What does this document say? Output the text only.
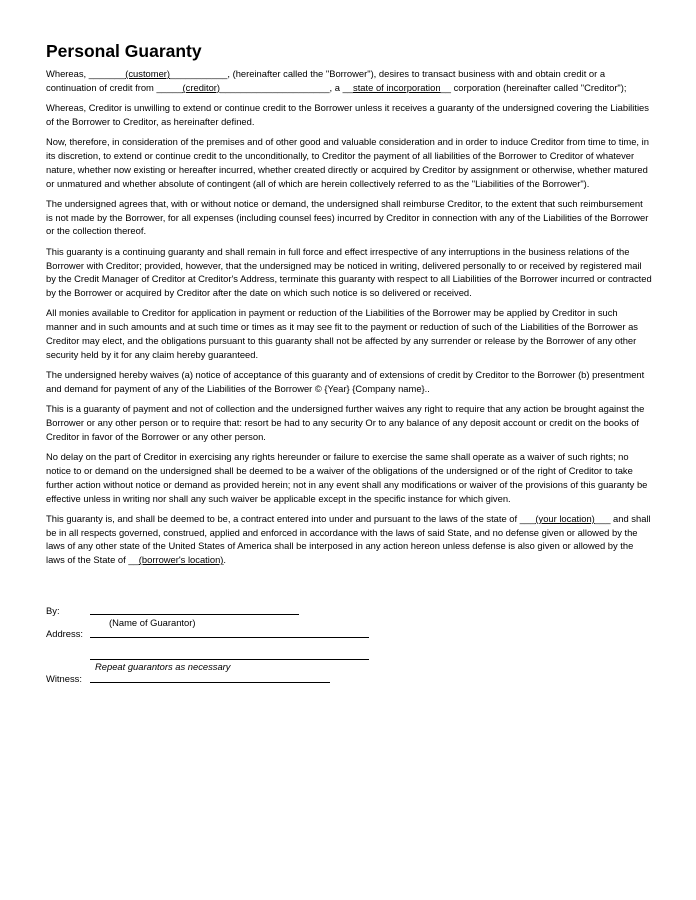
Personal Guaranty

Whereas, _______(customer)___________, (hereinafter called the "Borrower"), desires to transact business with and obtain credit or a continuation of credit from _____(creditor)_____________________, a __state of incorporation__ corporation (hereinafter called "Creditor");

Whereas, Creditor is unwilling to extend or continue credit to the Borrower unless it receives a guaranty of the undersigned covering the Liabilities of the Borrower to Creditor, as hereinafter defined.

Now, therefore, in consideration of the premises and of other good and valuable consideration and in order to induce Creditor from time to time, in its discretion, to extend or continue credit to the unconditionally, to Creditor the payment of all liabilities of the Borrower to Creditor of whatever nature, whether now existing or hereafter incurred, whether created directly or acquired by Creditor by assignment or otherwise, whether matured or unmatured and whether absolute of contingent (all of which are herein collectively referred to as the "Liabilities of the Borrower").

The undersigned agrees that, with or without notice or demand, the undersigned shall reimburse Creditor, to the extent that such reimbursement is not made by the Borrower, for all expenses (including counsel fees) incurred by Creditor in connection with any of the Liabilities of the Borrower or the collection thereof.

This guaranty is a continuing guaranty and shall remain in full force and effect irrespective of any interruptions in the business relations of the Borrower with Creditor; provided, however, that the undersigned may be noticed in writing, delivered personally to or received by registered mail by the Credit Manager of Creditor at Creditor's Address, terminate this guaranty with respect to all Liabilities of the Borrower incurred or contracted by the Borrower or acquired by Creditor after the date on which such notice is so delivered or received.

All monies available to Creditor for application in payment or reduction of the Liabilities of the Borrower may be applied by Creditor in such manner and in such amounts and at such time or times as it may see fit to the payment or reduction of such of the Liabilities of the Borrower as Creditor may elect, and the obligations pursuant to this guaranty shall not be affected by any surrender or release by the Borrower of any other security held by it for any claim hereby guaranteed.

The undersigned hereby waives (a) notice of acceptance of this guaranty and of extensions of credit by Creditor to the Borrower (b) presentment and demand for payment of any of the Liabilities of the Borrower © {Year} {Company name}..

This is a guaranty of payment and not of collection and the undersigned further waives any right to require that any action be brought against the Borrower or any other person or to require that: resort be had to any security Or to any balance of any deposit account or credit on the books of Creditor in favor of the Borrower or any other person.

No delay on the part of Creditor in exercising any rights hereunder or failure to exercise the same shall operate as a waiver of such rights; no notice to or demand on the undersigned shall be deemed to be a waiver of the obligations of the undersigned or of the right of Creditor to take further action without notice or demand as provided herein; not in any event shall any modifications or waiver of the provisions of this guaranty be effective unless in writing nor shall any such waiver be applicable except in the specific instance for which given.

This guaranty is, and shall be deemed to be, a contract entered into under and pursuant to the laws of the state of ___(your location)___ and shall be in all respects governed, construed, applied and enforced in accordance with the laws of said State, and no defense given or allowed by the laws of any other state of the United States of America shall be interposed in any action hereon unless defense is also given or allowed by the laws of the State of __(borrower's location).

By:
(Name of Guarantor)
Address:
Repeat guarantors as necessary
Witness:
